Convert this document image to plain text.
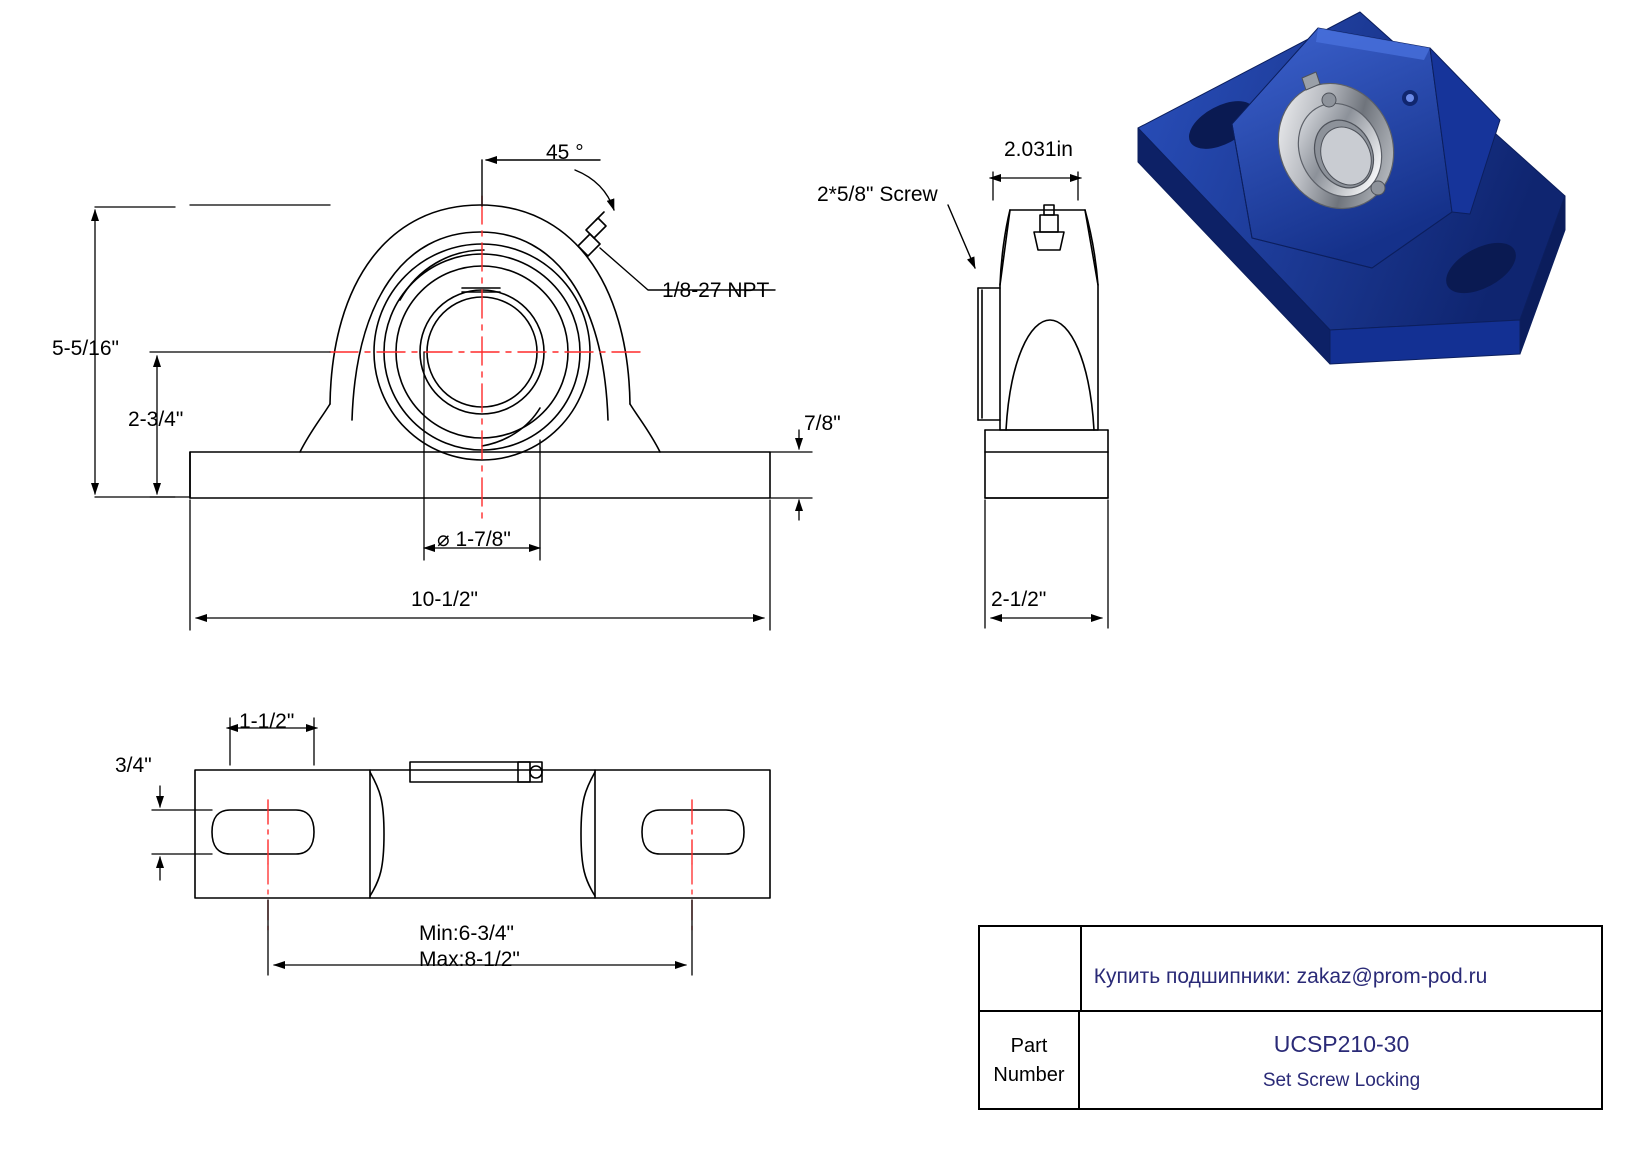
5-5/16"
2-3/4"	7/8"
⌀ 1-7/8"
10-1/2"
45 °
1/8-27 NPT
2.031in
2*5/8" Screw
2-1/2"
1-1/2"
3/4"
Min:6-3/4"
Max:8-1/2"
Купить подшипники: zakaz@prom-pod.ru
Part
Number
UCSP210-30
Set Screw Locking
